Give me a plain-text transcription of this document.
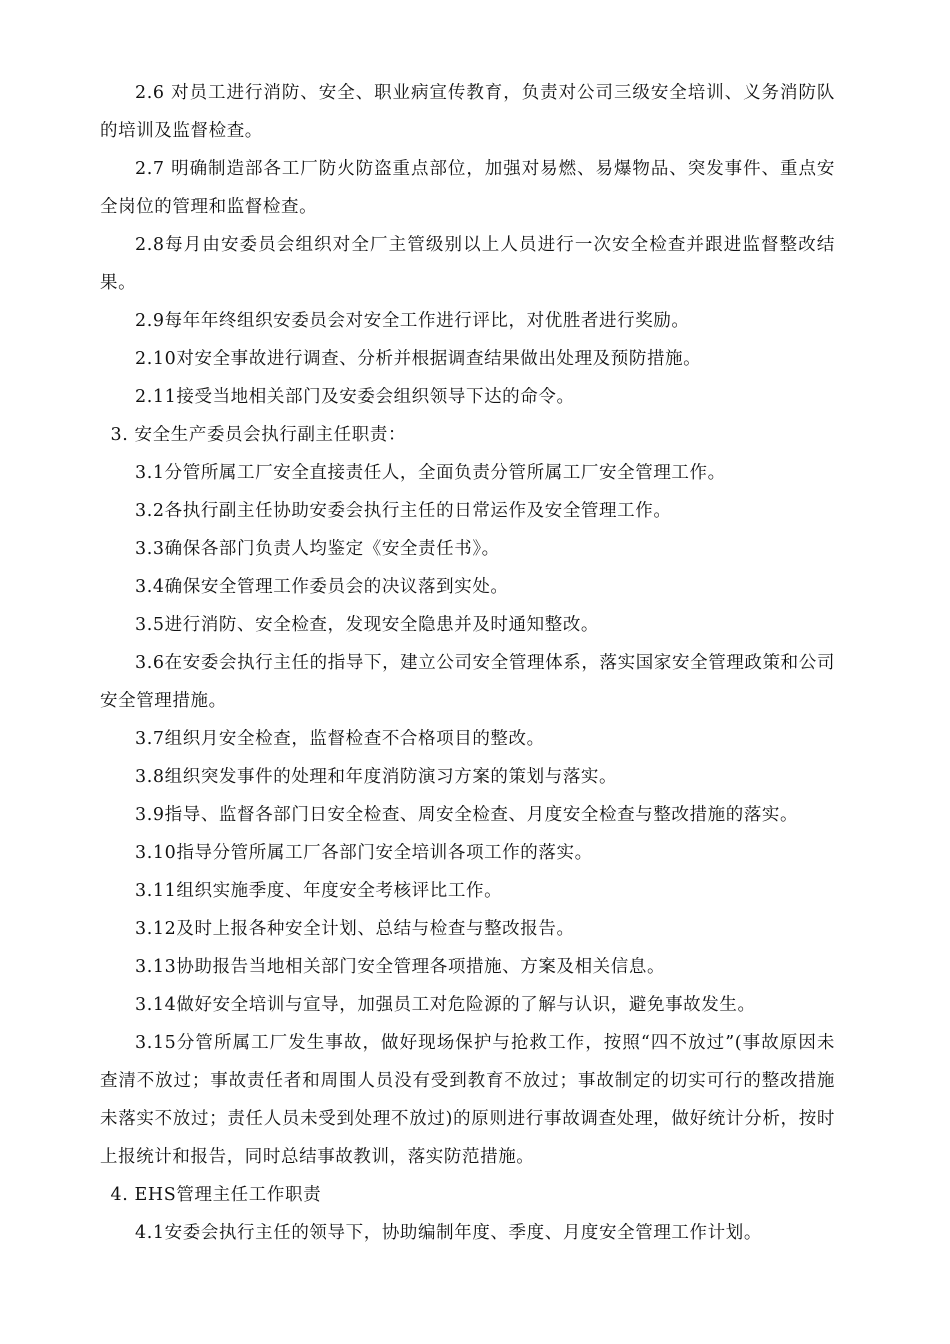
2.6 对员工进行消防、安全、职业病宣传教育，负责对公司三级安全培训、义务消防队的培训及监督检查。

2.7 明确制造部各工厂防火防盗重点部位，加强对易燃、易爆物品、突发事件、重点安全岗位的管理和监督检查。

2.8每月由安委员会组织对全厂主管级别以上人员进行一次安全检查并跟进监督整改结果。

2.9每年年终组织安委员会对安全工作进行评比，对优胜者进行奖励。

2.10对安全事故进行调查、分析并根据调查结果做出处理及预防措施。

2.11接受当地相关部门及安委会组织领导下达的命令。

3. 安全生产委员会执行副主任职责：

3.1分管所属工厂安全直接责任人，全面负责分管所属工厂安全管理工作。

3.2各执行副主任协助安委会执行主任的日常运作及安全管理工作。

3.3确保各部门负责人均鉴定《安全责任书》。

3.4确保安全管理工作委员会的决议落到实处。

3.5进行消防、安全检查，发现安全隐患并及时通知整改。

3.6在安委会执行主任的指导下，建立公司安全管理体系，落实国家安全管理政策和公司安全管理措施。

3.7组织月安全检查，监督检查不合格项目的整改。

3.8组织突发事件的处理和年度消防演习方案的策划与落实。

3.9指导、监督各部门日安全检查、周安全检查、月度安全检查与整改措施的落实。

3.10指导分管所属工厂各部门安全培训各项工作的落实。

3.11组织实施季度、年度安全考核评比工作。

3.12及时上报各种安全计划、总结与检查与整改报告。

3.13协助报告当地相关部门安全管理各项措施、方案及相关信息。

3.14做好安全培训与宣导，加强员工对危险源的了解与认识，避免事故发生。

3.15分管所属工厂发生事故，做好现场保护与抢救工作，按照“四不放过”(事故原因未查清不放过；事故责任者和周围人员没有受到教育不放过；事故制定的切实可行的整改措施未落实不放过；责任人员未受到处理不放过)的原则进行事故调查处理，做好统计分析，按时上报统计和报告，同时总结事故教训，落实防范措施。

4. EHS管理主任工作职责

4.1安委会执行主任的领导下，协助编制年度、季度、月度安全管理工作计划。
